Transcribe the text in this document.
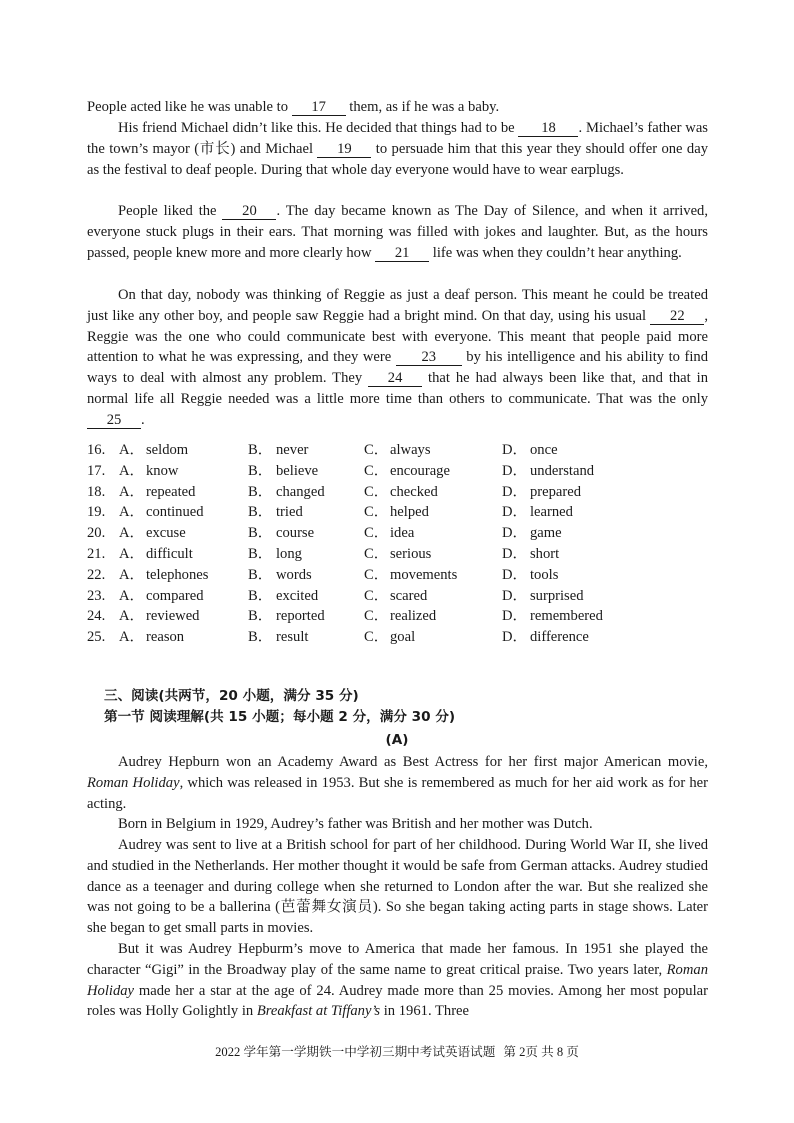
People acted like he was unable to 17 them, as if he was a baby.

His friend Michael didn’t like this. He decided that things had to be 18 . Michael’s father was the town’s mayor (市长) and Michael 19 to persuade him that this year they should offer one day as the festival to deaf people. During that whole day everyone would have to wear earplugs.

People liked the 20 . The day became known as The Day of Silence, and when it arrived, everyone stuck plugs in their ears. That morning was filled with jokes and laughter. But, as the hours passed, people knew more and more clearly how 21 life was when they couldn’t hear anything.

On that day, nobody was thinking of Reggie as just a deaf person. This meant he could be treated just like any other boy, and people saw Reggie had a bright mind. On that day, using his usual 22 , Reggie was the one who could communicate best with everyone. This meant that people paid more attention to what he was expressing, and they were 23 by his intelligence and his ability to find ways to deal with almost any problem. They 24 that he had always been like that, and that in normal life all Reggie needed was a little more time than others to communicate. That was the only 25 .

16. A． seldom	B． never	C． always	D． once
17. A． know	B． believe	C． encourage	D． understand
18. A． repeated	B． changed	C． checked	D． prepared
19. A． continued	B． tried	C． helped	D． learned
20. A． excuse	B． course	C． idea	D． game
21. A． difficult	B． long	C． serious	D． short
22. A． telephones	B． words	C． movements	D． tools
23. A． compared	B． excited	C． scared	D． surprised
24. A． reviewed	B． reported	C． realized	D． remembered
25. A． reason	B． result	C． goal	D． difference
三、阅读(共两节，20 小题，满分 35 分)
第一节 阅读理解(共 15 小题；每小题 2 分，满分 30 分)
(A)

Audrey Hepburn won an Academy Award as Best Actress for her first major American movie, Roman Holiday, which was released in 1953. But she is remembered as much for her aid work as for her acting.

Born in Belgium in 1929, Audrey’s father was British and her mother was Dutch.

Audrey was sent to live at a British school for part of her childhood. During World War II, she lived and studied in the Netherlands. Her mother thought it would be safe from German attacks. Audrey studied dance as a teenager and during college when she returned to London after the war. But she realized she was not going to be a ballerina (芭蕾舞女演员). So she began taking acting parts in stage shows. Later she began to get small parts in movies.

But it was Audrey Hepburm’s move to America that made her famous. In 1951 she played the character “Gigi” in the Broadway play of the same name to great critical praise. Two years later, Roman Holiday made her a star at the age of 24. Audrey made more than 25 movies. Among her most popular roles was Holly Golightly in Breakfast at Tiffany’s in 1961. Three

2022 学年第一学期铁一中学初三期中考试英语试题 第 2页 共 8 页
